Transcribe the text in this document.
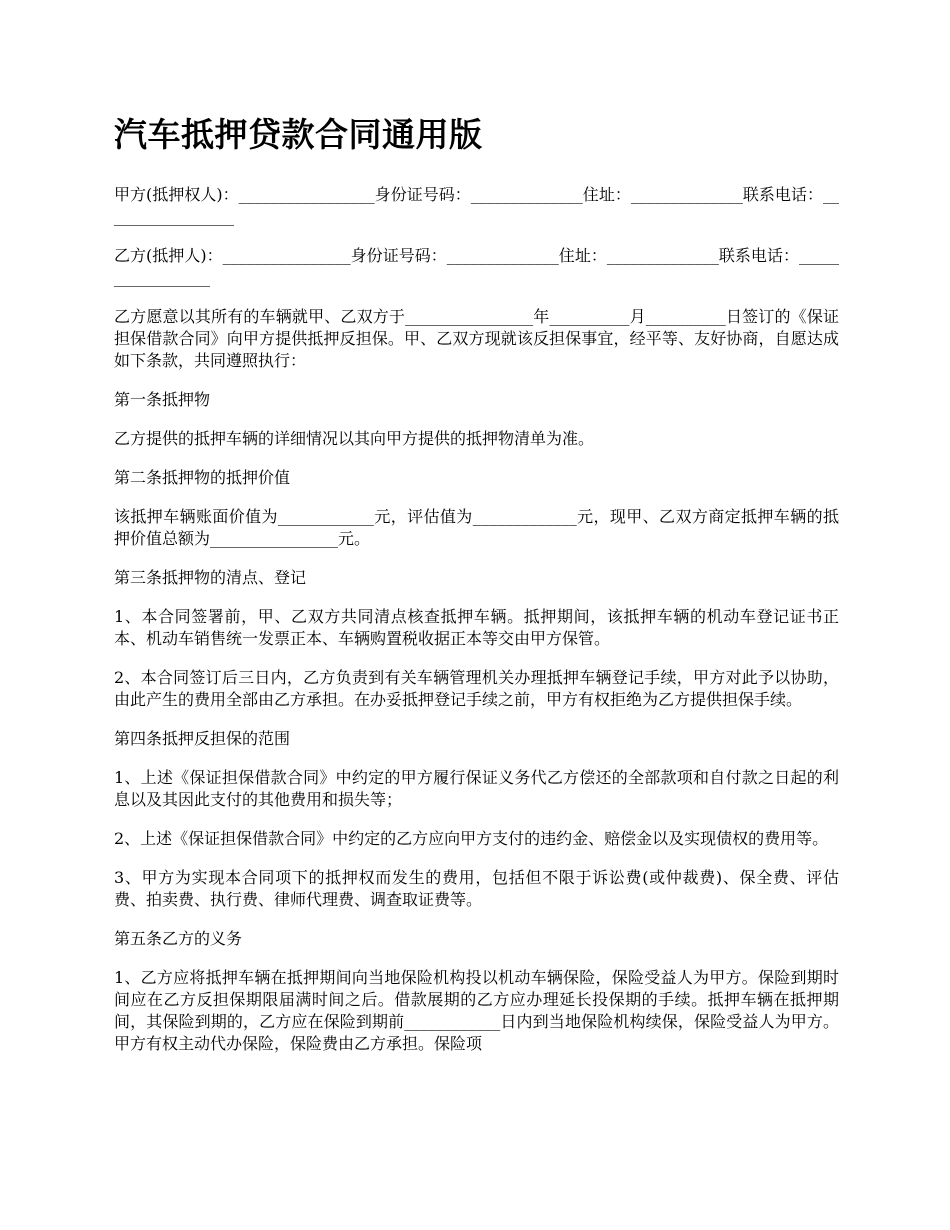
汽车抵押贷款合同通用版

甲方(抵押权人)：_________________身份证号码：______________住址：______________联系电话：_________________

乙方(抵押人)：________________身份证号码：______________住址：______________联系电话：_________________

乙方愿意以其所有的车辆就甲、乙双方于________________年__________月__________日签订的《保证担保借款合同》向甲方提供抵押反担保。甲、乙双方现就该反担保事宜，经平等、友好协商，自愿达成如下条款，共同遵照执行：

第一条抵押物

乙方提供的抵押车辆的详细情况以其向甲方提供的抵押物清单为准。

第二条抵押物的抵押价值

该抵押车辆账面价值为____________元，评估值为_____________元，现甲、乙双方商定抵押车辆的抵押价值总额为________________元。

第三条抵押物的清点、登记

1、本合同签署前，甲、乙双方共同清点核查抵押车辆。抵押期间，该抵押车辆的机动车登记证书正本、机动车销售统一发票正本、车辆购置税收据正本等交由甲方保管。

2、本合同签订后三日内，乙方负责到有关车辆管理机关办理抵押车辆登记手续，甲方对此予以协助，由此产生的费用全部由乙方承担。在办妥抵押登记手续之前，甲方有权拒绝为乙方提供担保手续。

第四条抵押反担保的范围

1、上述《保证担保借款合同》中约定的甲方履行保证义务代乙方偿还的全部款项和自付款之日起的利息以及其因此支付的其他费用和损失等；

2、上述《保证担保借款合同》中约定的乙方应向甲方支付的违约金、赔偿金以及实现债权的费用等。

3、甲方为实现本合同项下的抵押权而发生的费用，包括但不限于诉讼费(或仲裁费)、保全费、评估费、拍卖费、执行费、律师代理费、调查取证费等。

第五条乙方的义务

1、乙方应将抵押车辆在抵押期间向当地保险机构投以机动车辆保险，保险受益人为甲方。保险到期时间应在乙方反担保期限届满时间之后。借款展期的乙方应办理延长投保期的手续。抵押车辆在抵押期间，其保险到期的，乙方应在保险到期前____________日内到当地保险机构续保，保险受益人为甲方。甲方有权主动代办保险，保险费由乙方承担。保险项
